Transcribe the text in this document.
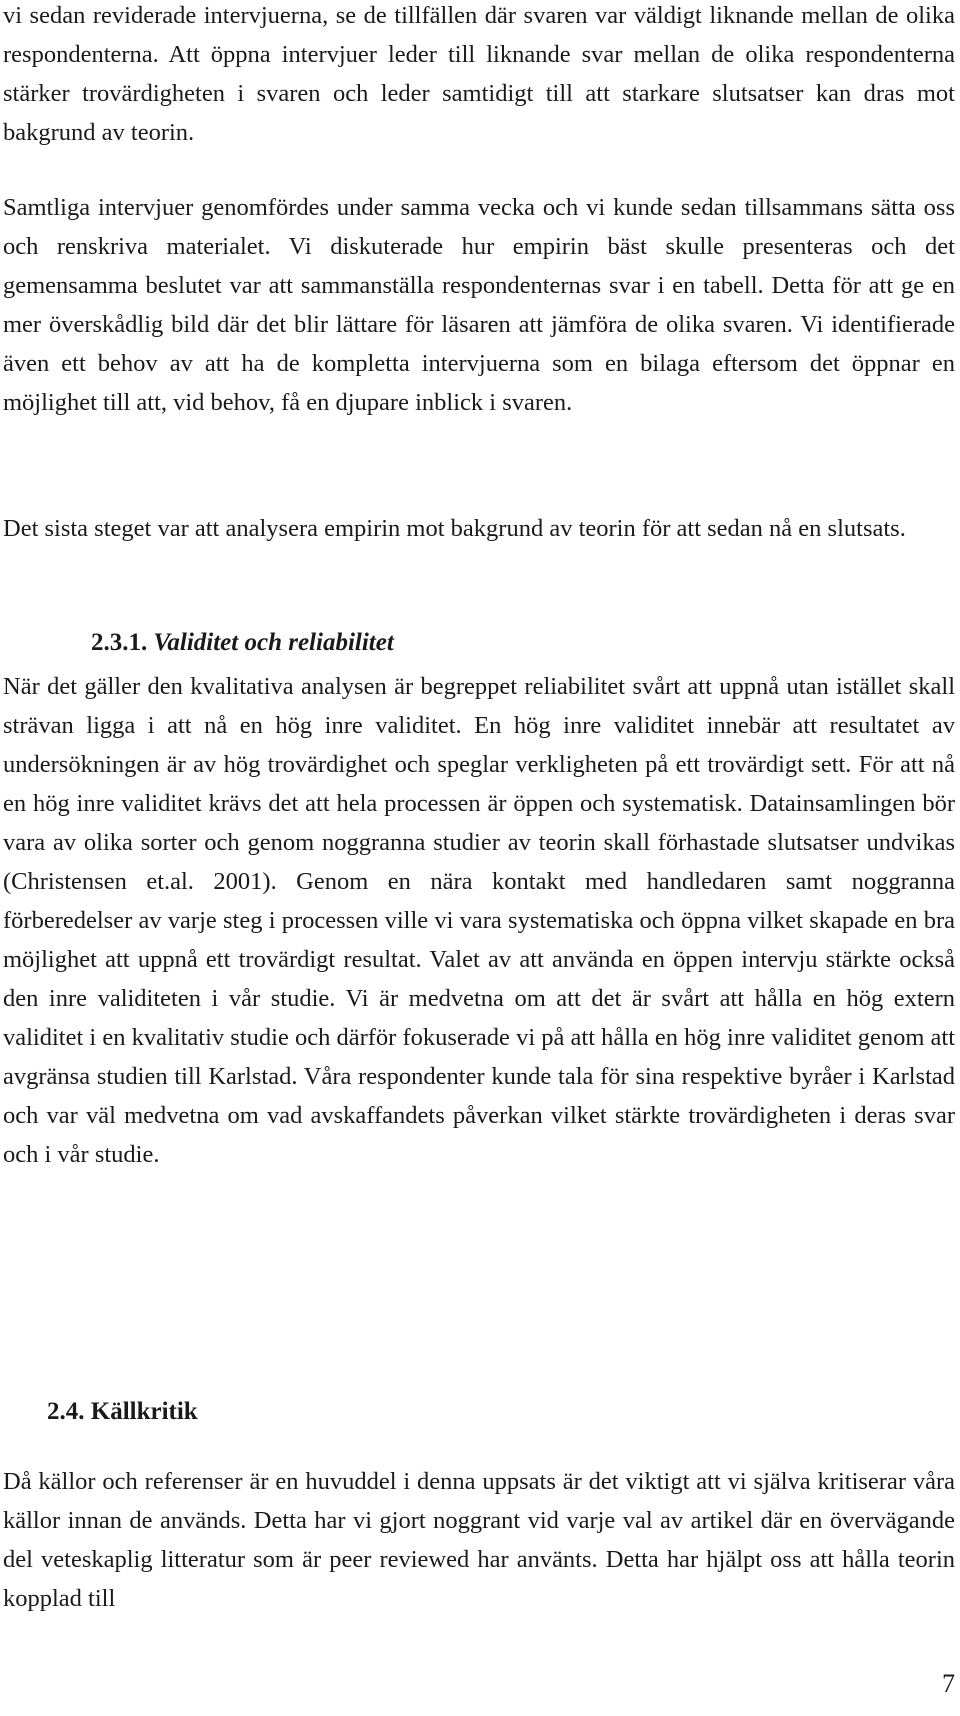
vi sedan reviderade intervjuerna, se de tillfällen där svaren var väldigt liknande mellan de olika respondenterna. Att öppna intervjuer leder till liknande svar mellan de olika respondenterna stärker trovärdigheten i svaren och leder samtidigt till att starkare slutsatser kan dras mot bakgrund av teorin.

Samtliga intervjuer genomfördes under samma vecka och vi kunde sedan tillsammans sätta oss och renskriva materialet. Vi diskuterade hur empirin bäst skulle presenteras och det gemensamma beslutet var att sammanställa respondenternas svar i en tabell. Detta för att ge en mer överskådlig bild där det blir lättare för läsaren att jämföra de olika svaren. Vi identifierade även ett behov av att ha de kompletta intervjuerna som en bilaga eftersom det öppnar en möjlighet till att, vid behov, få en djupare inblick i svaren.

Det sista steget var att analysera empirin mot bakgrund av teorin för att sedan nå en slutsats.

2.3.1. Validitet och reliabilitet

När det gäller den kvalitativa analysen är begreppet reliabilitet svårt att uppnå utan istället skall strävan ligga i att nå en hög inre validitet. En hög inre validitet innebär att resultatet av undersökningen är av hög trovärdighet och speglar verkligheten på ett trovärdigt sett. För att nå en hög inre validitet krävs det att hela processen är öppen och systematisk. Datainsamlingen bör vara av olika sorter och genom noggranna studier av teorin skall förhastade slutsatser undvikas (Christensen et.al. 2001). Genom en nära kontakt med handledaren samt noggranna förberedelser av varje steg i processen ville vi vara systematiska och öppna vilket skapade en bra möjlighet att uppnå ett trovärdigt resultat. Valet av att använda en öppen intervju stärkte också den inre validiteten i vår studie. Vi är medvetna om att det är svårt att hålla en hög extern validitet i en kvalitativ studie och därför fokuserade vi på att hålla en hög inre validitet genom att avgränsa studien till Karlstad. Våra respondenter kunde tala för sina respektive byråer i Karlstad och var väl medvetna om vad avskaffandets påverkan vilket stärkte trovärdigheten i deras svar och i vår studie.

2.4. Källkritik

Då källor och referenser är en huvuddel i denna uppsats är det viktigt att vi själva kritiserar våra källor innan de används. Detta har vi gjort noggrant vid varje val av artikel där en övervägande del veteskaplig litteratur som är peer reviewed har använts. Detta har hjälpt oss att hålla teorin kopplad till

7
